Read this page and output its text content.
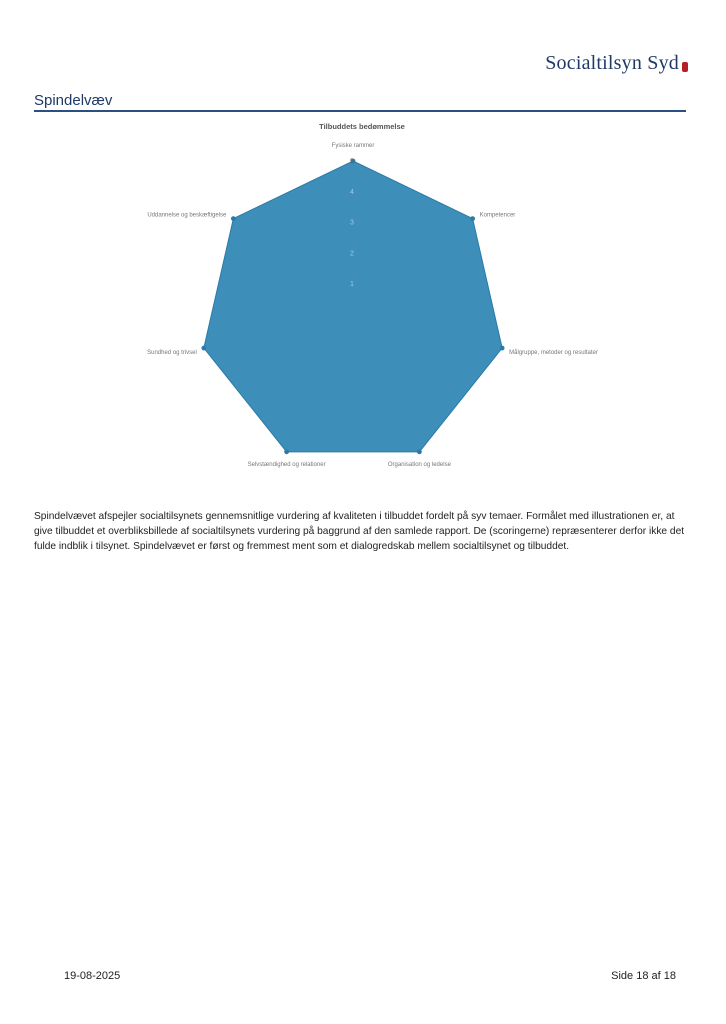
Socialtilsyn Syd
Spindelvæv
Tilbuddets bedømmelse
1
2
3
4
5
Fysiske rammer
Kompetencer
Målgruppe, metoder og resultater
Organisation og ledelse
Selvstændighed og relationer
Sundhed og trivsel
Uddannelse og beskæftigelse
Spindelvævet afspejler socialtilsynets gennemsnitlige vurdering af kvaliteten i tilbuddet fordelt på syv temaer. Formålet med illustrationen er, at give tilbuddet et overbliksbillede af socialtilsynets vurdering på baggrund af den samlede rapport. De (scoringerne) repræsenterer derfor ikke det fulde indblik i tilsynet. Spindelvævet er først og fremmest ment som et dialogredskab mellem socialtilsynet og tilbuddet.
19-08-2025	Side 18 af 18
